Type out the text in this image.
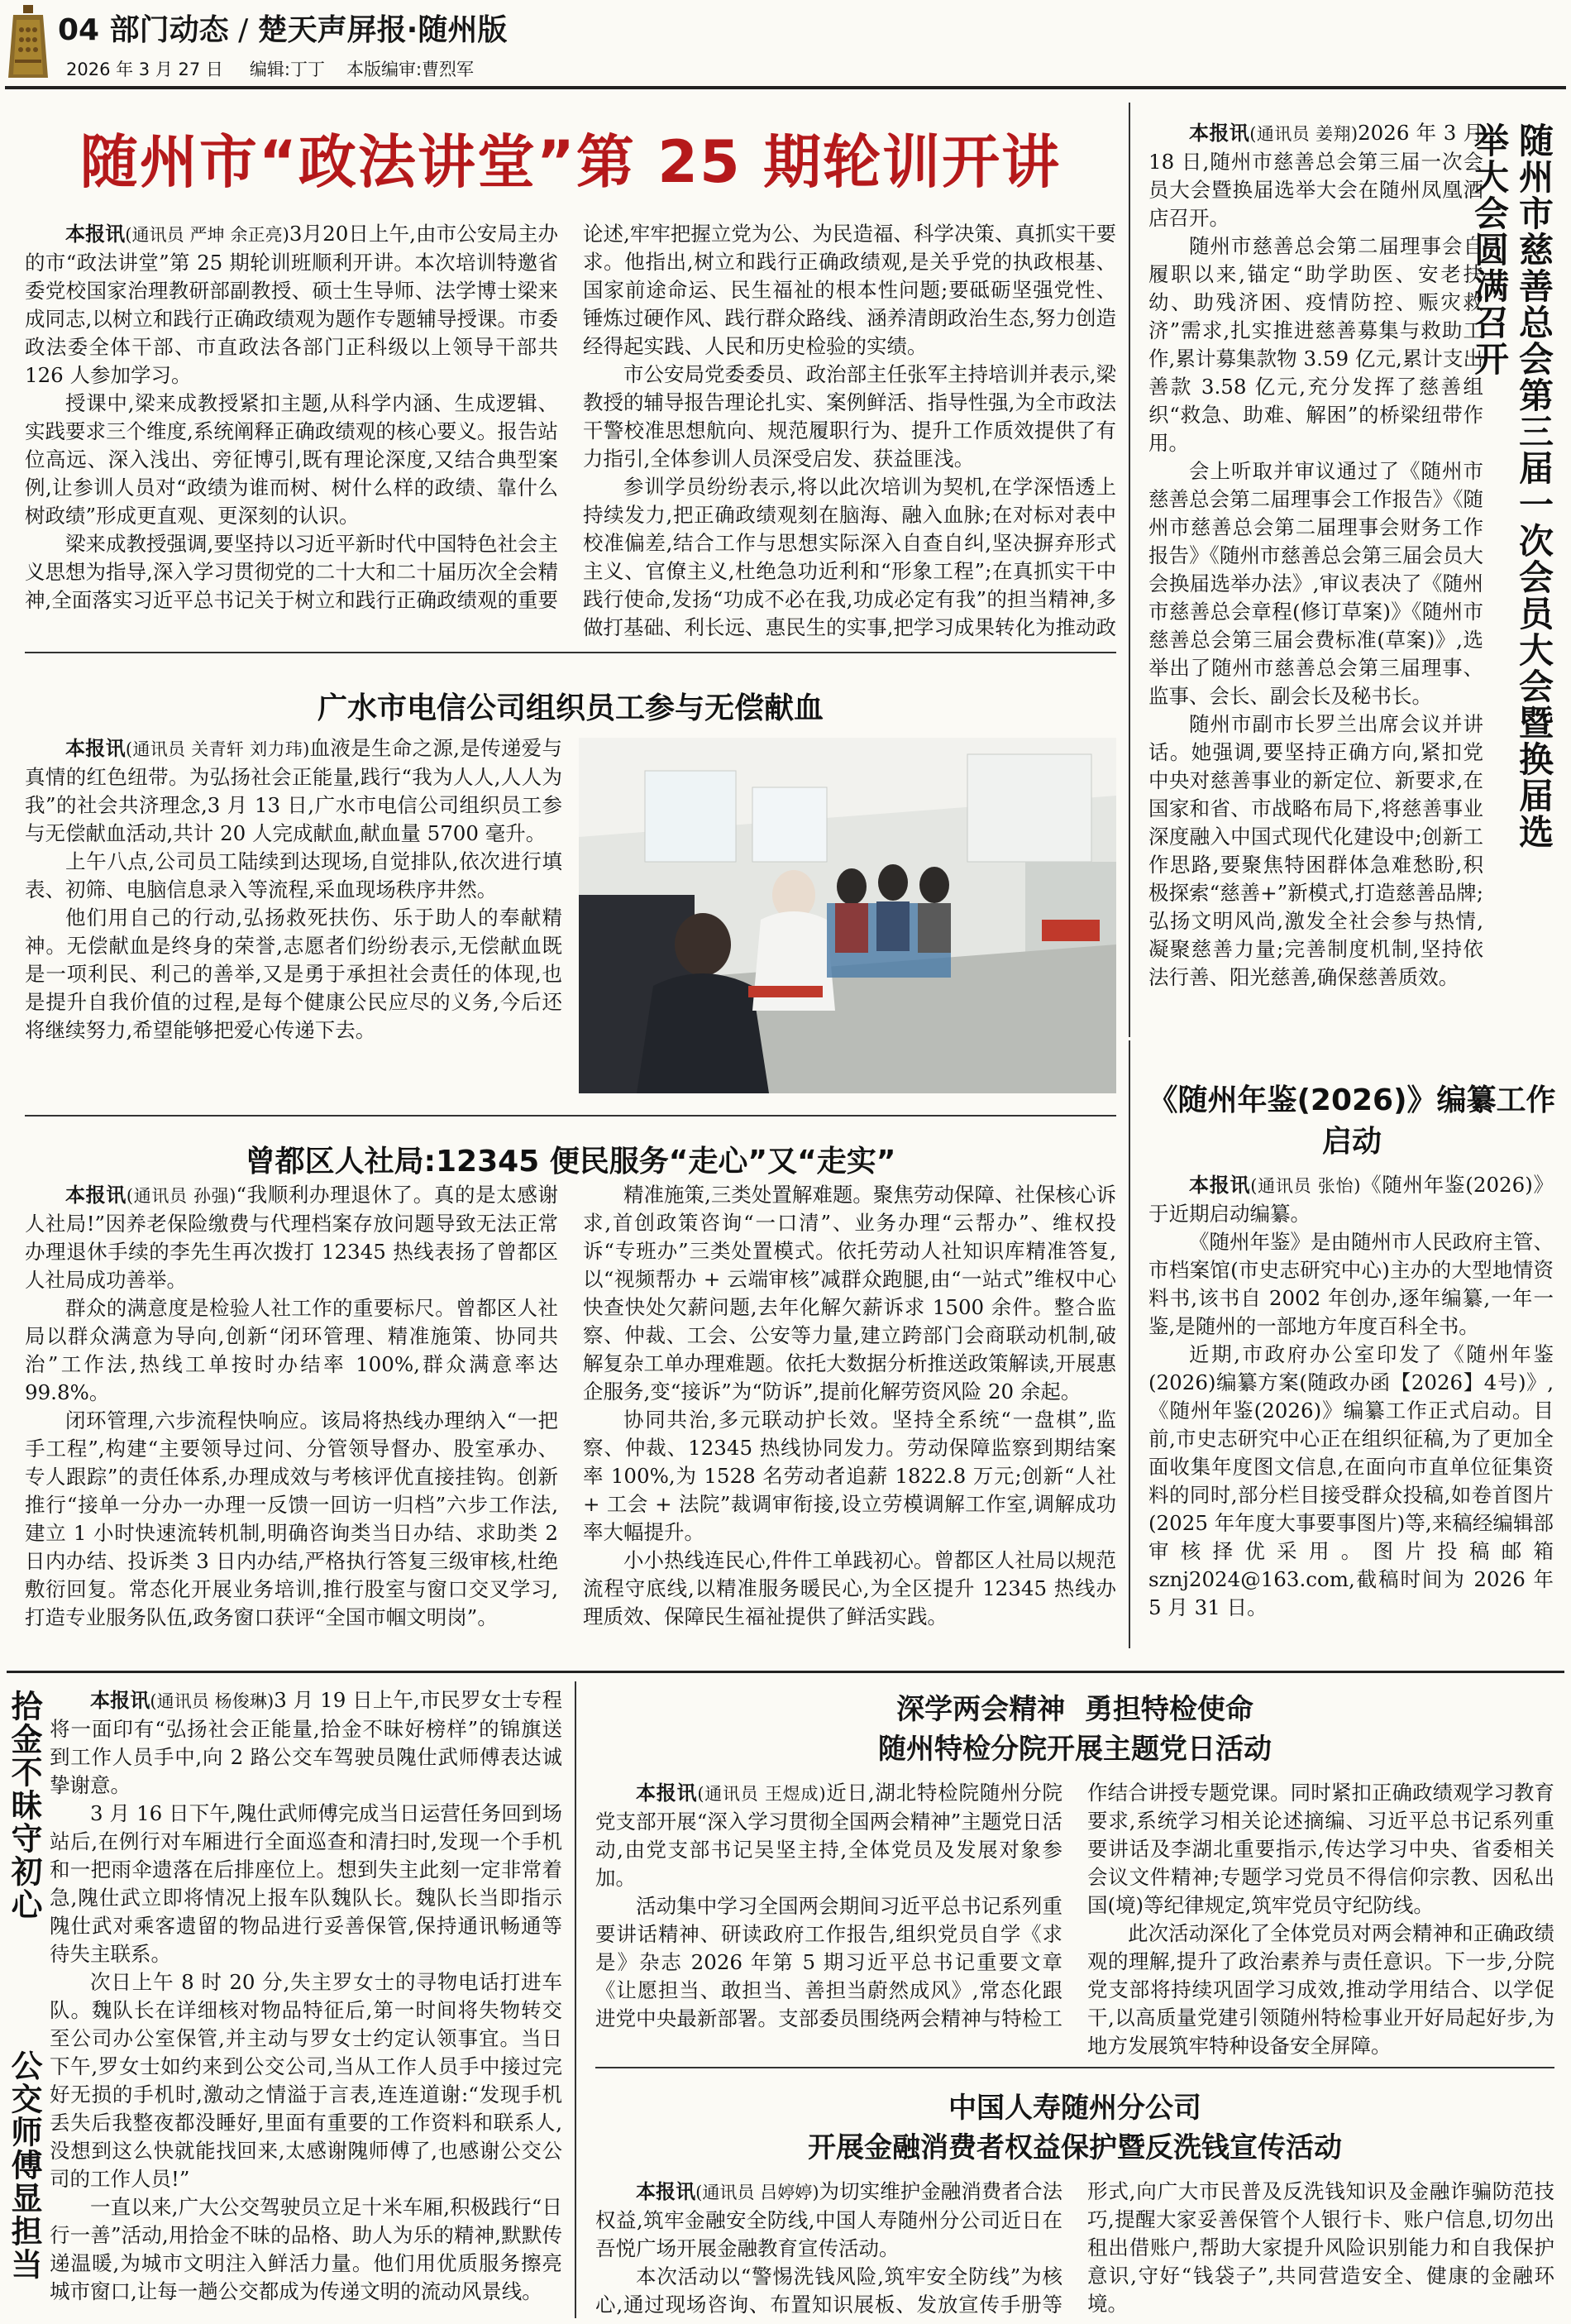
04 部门动态 / 楚天声屏报·随州版
2026 年 3 月 27 日 编辑:丁丁 本版编审:曹烈军
随州市“政法讲堂”第 25 期轮训开讲

本报讯(通讯员 严坤 余正亮)3月20日上午,由市公安局主办的市“政法讲堂”第 25 期轮训班顺利开讲。本次培训特邀省委党校国家治理教研部副教授、硕士生导师、法学博士梁来成同志,以树立和践行正确政绩观为题作专题辅导授课。市委政法委全体干部、市直政法各部门正科级以上领导干部共 126 人参加学习。

授课中,梁来成教授紧扣主题,从科学内涵、生成逻辑、实践要求三个维度,系统阐释正确政绩观的核心要义。报告站位高远、深入浅出、旁征博引,既有理论深度,又结合典型案例,让参训人员对“政绩为谁而树、树什么样的政绩、靠什么树政绩”形成更直观、更深刻的认识。

梁来成教授强调,要坚持以习近平新时代中国特色社会主义思想为指导,深入学习贯彻党的二十大和二十届历次全会精神,全面落实习近平总书记关于树立和践行正确政绩观的重要论述,牢牢把握立党为公、为民造福、科学决策、真抓实干要求。他指出,树立和践行正确政绩观,是关乎党的执政根基、国家前途命运、民生福祉的根本性问题;要砥砺坚强党性、锤炼过硬作风、践行群众路线、涵养清朗政治生态,努力创造经得起实践、人民和历史检验的实绩。

市公安局党委委员、政治部主任张军主持培训并表示,梁教授的辅导报告理论扎实、案例鲜活、指导性强,为全市政法干警校准思想航向、规范履职行为、提升工作质效提供了有力指引,全体参训人员深受启发、获益匪浅。

参训学员纷纷表示,将以此次培训为契机,在学深悟透上持续发力,把正确政绩观刻在脑海、融入血脉;在对标对表中校准偏差,结合工作与思想实际深入自查自纠,坚决摒弃形式主义、官僚主义,杜绝急功近利和“形象工程”;在真抓实干中践行使命,发扬“功成不必在我,功成必定有我”的担当精神,多做打基础、利长远、惠民生的实事,把学习成果转化为推动政

本报讯(通讯员 姜翔)2026 年 3 月 18 日,随州市慈善总会第三届一次会员大会暨换届选举大会在随州凤凰酒店召开。

随州市慈善总会第二届理事会自履职以来,锚定“助学助医、安老扶幼、助残济困、疫情防控、赈灾救济”需求,扎实推进慈善募集与救助工作,累计募集款物 3.59 亿元,累计支出善款 3.58 亿元,充分发挥了慈善组织“救急、助难、解困”的桥梁纽带作用。

会上听取并审议通过了《随州市慈善总会第二届理事会工作报告》《随州市慈善总会第二届理事会财务工作报告》《随州市慈善总会第三届会员大会换届选举办法》,审议表决了《随州市慈善总会章程(修订草案)》《随州市慈善总会第三届会费标准(草案)》,选举出了随州市慈善总会第三届理事、监事、会长、副会长及秘书长。

随州市副市长罗兰出席会议并讲话。她强调,要坚持正确方向,紧扣党中央对慈善事业的新定位、新要求,在国家和省、市战略布局下,将慈善事业深度融入中国式现代化建设中;创新工作思路,要聚焦特困群体急难愁盼,积极探索“慈善+”新模式,打造慈善品牌;弘扬文明风尚,激发全社会参与热情,凝聚慈善力量;完善制度机制,坚持依法行善、阳光慈善,确保慈善质效。

随州市慈善总会第三届一次会员大会暨换届选举大会圆满召开
广水市电信公司组织员工参与无偿献血

本报讯(通讯员 关青轩 刘力玮)血液是生命之源,是传递爱与真情的红色纽带。为弘扬社会正能量,践行“我为人人,人人为我”的社会共济理念,3 月 13 日,广水市电信公司组织员工参与无偿献血活动,共计 20 人完成献血,献血量 5700 毫升。

上午八点,公司员工陆续到达现场,自觉排队,依次进行填表、初筛、电脑信息录入等流程,采血现场秩序井然。

他们用自己的行动,弘扬救死扶伤、乐于助人的奉献精神。无偿献血是终身的荣誉,志愿者们纷纷表示,无偿献血既是一项利民、利己的善举,又是勇于承担社会责任的体现,也是提升自我价值的过程,是每个健康公民应尽的义务,今后还将继续努力,希望能够把爱心传递下去。

《随州年鉴(2026)》编纂工作启动

本报讯(通讯员 张怡)《随州年鉴(2026)》于近期启动编纂。

《随州年鉴》是由随州市人民政府主管、市档案馆(市史志研究中心)主办的大型地情资料书,该书自 2002 年创办,逐年编纂,一年一鉴,是随州的一部地方年度百科全书。

近期,市政府办公室印发了《随州年鉴(2026)编纂方案(随政办函【2026】4号)》,《随州年鉴(2026)》编纂工作正式启动。目前,市史志研究中心正在组织征稿,为了更加全面收集年度图文信息,在面向市直单位征集资料的同时,部分栏目接受群众投稿,如卷首图片(2025 年年度大事要事图片)等,来稿经编辑部审核择优采用。图片投稿邮箱 sznj2024@163.com,截稿时间为 2026 年 5 月 31 日。

曾都区人社局:12345 便民服务“走心”又“走实”

本报讯(通讯员 孙强)“我顺利办理退休了。真的是太感谢人社局!”因养老保险缴费与代理档案存放问题导致无法正常办理退休手续的李先生再次拨打 12345 热线表扬了曾都区人社局成功善举。

群众的满意度是检验人社工作的重要标尺。曾都区人社局以群众满意为导向,创新“闭环管理、精准施策、协同共治”工作法,热线工单按时办结率 100%,群众满意率达 99.8%。

闭环管理,六步流程快响应。该局将热线办理纳入“一把手工程”,构建“主要领导过问、分管领导督办、股室承办、专人跟踪”的责任体系,办理成效与考核评优直接挂钩。创新推行“接单一分办一办理一反馈一回访一归档”六步工作法,建立 1 小时快速流转机制,明确咨询类当日办结、求助类 2 日内办结、投诉类 3 日内办结,严格执行答复三级审核,杜绝敷衍回复。常态化开展业务培训,推行股室与窗口交叉学习,打造专业服务队伍,政务窗口获评“全国市帼文明岗”。

精准施策,三类处置解难题。聚焦劳动保障、社保核心诉求,首创政策咨询“一口清”、业务办理“云帮办”、维权投诉“专班办”三类处置模式。依托劳动人社知识库精准答复,以“视频帮办 + 云端审核”减群众跑腿,由“一站式”维权中心快查快处欠薪问题,去年化解欠薪诉求 1500 余件。整合监察、仲裁、工会、公安等力量,建立跨部门会商联动机制,破解复杂工单办理难题。依托大数据分析推送政策解读,开展惠企服务,变“接诉”为“防诉”,提前化解劳资风险 20 余起。

协同共治,多元联动护长效。坚持全系统“一盘棋”,监察、仲裁、12345 热线协同发力。劳动保障监察到期结案率 100%,为 1528 名劳动者追薪 1822.8 万元;创新“人社 + 工会 + 法院”裁调审衔接,设立劳模调解工作室,调解成功率大幅提升。

小小热线连民心,件件工单践初心。曾都区人社局以规范流程守底线,以精准服务暖民心,为全区提升 12345 热线办理质效、保障民生福祉提供了鲜活实践。

拾金不昧守初心
公交师傅显担当

本报讯(通讯员 杨俊琳)3 月 19 日上午,市民罗女士专程将一面印有“弘扬社会正能量,拾金不昧好榜样”的锦旗送到工作人员手中,向 2 路公交车驾驶员隗仕武师傅表达诚挚谢意。

3 月 16 日下午,隗仕武师傅完成当日运营任务回到场站后,在例行对车厢进行全面巡查和清扫时,发现一个手机和一把雨伞遗落在后排座位上。想到失主此刻一定非常着急,隗仕武立即将情况上报车队魏队长。魏队长当即指示隗仕武对乘客遗留的物品进行妥善保管,保持通讯畅通等待失主联系。

次日上午 8 时 20 分,失主罗女士的寻物电话打进车队。魏队长在详细核对物品特征后,第一时间将失物转交至公司办公室保管,并主动与罗女士约定认领事宜。当日下午,罗女士如约来到公交公司,当从工作人员手中接过完好无损的手机时,激动之情溢于言表,连连道谢:“发现手机丢失后我整夜都没睡好,里面有重要的工作资料和联系人,没想到这么快就能找回来,太感谢隗师傅了,也感谢公交公司的工作人员!”

一直以来,广大公交驾驶员立足十米车厢,积极践行“日行一善”活动,用拾金不昧的品格、助人为乐的精神,默默传递温暖,为城市文明注入鲜活力量。他们用优质服务擦亮城市窗口,让每一趟公交都成为传递文明的流动风景线。

深学两会精神  勇担特检使命
随州特检分院开展主题党日活动

本报讯(通讯员 王煜成)近日,湖北特检院随州分院党支部开展“深入学习贯彻全国两会精神”主题党日活动,由党支部书记吴坚主持,全体党员及发展对象参加。

活动集中学习全国两会期间习近平总书记系列重要讲话精神、研读政府工作报告,组织党员自学《求是》杂志 2026 年第 5 期习近平总书记重要文章《让愿担当、敢担当、善担当蔚然成风》,常态化跟进党中央最新部署。支部委员围绕两会精神与特检工作结合讲授专题党课。同时紧扣正确政绩观学习教育要求,系统学习相关论述摘编、习近平总书记系列重要讲话及李湖北重要指示,传达学习中央、省委相关会议文件精神;专题学习党员不得信仰宗教、因私出国(境)等纪律规定,筑牢党员守纪防线。

此次活动深化了全体党员对两会精神和正确政绩观的理解,提升了政治素养与责任意识。下一步,分院党支部将持续巩固学习成效,推动学用结合、以学促干,以高质量党建引领随州特检事业开好局起好步,为地方发展筑牢特种设备安全屏障。

中国人寿随州分公司
开展金融消费者权益保护暨反洗钱宣传活动

本报讯(通讯员 吕婷婷)为切实维护金融消费者合法权益,筑牢金融安全防线,中国人寿随州分公司近日在吾悦广场开展金融教育宣传活动。

本次活动以“警惕洗钱风险,筑牢安全防线”为核心,通过现场咨询、布置知识展板、发放宣传手册等形式,向广大市民普及反洗钱知识及金融诈骗防范技巧,提醒大家妥善保管个人银行卡、账户信息,切勿出租出借账户,帮助大家提升风险识别能力和自我保护意识,守好“钱袋子”,共同营造安全、健康的金融环境。
